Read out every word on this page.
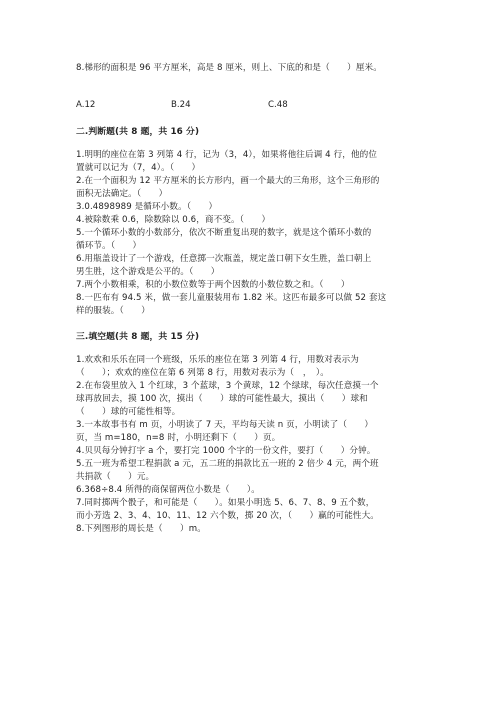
8.梯形的面积是 96 平方厘米，高是 8 厘米，则上、下底的和是（　　）厘米。
A.12	B.24	C.48
二.判断题(共 8 题，共 16 分)
1.明明的座位在第 3 列第 4 行，记为（3，4），如果将他往后调 4 行，他的位
置就可以记为（7，4）。（　　）
2.在一个面积为 12 平方厘米的长方形内，画一个最大的三角形，这个三角形的
面积无法确定。（　　）
3.0.4898989 是循环小数。（　　）
4.被除数乘 0.6，除数除以 0.6，商不变。（　　）
5.一个循环小数的小数部分，依次不断重复出现的数字，就是这个循环小数的
循环节。（　　）
6.用瓶盖设计了一个游戏，任意掷一次瓶盖，规定盖口朝下女生胜，盖口朝上
男生胜，这个游戏是公平的。（　　）
7.两个小数相乘，积的小数位数等于两个因数的小数位数之和。（　　）
8.一匹布有 94.5 米，做一套儿童服装用布 1.82 米。这匹布最多可以做 52 套这
样的服装。（　　）
三.填空题(共 8 题，共 15 分)
1.欢欢和乐乐在同一个班级，乐乐的座位在第 3 列第 4 行，用数对表示为
（　　）；欢欢的座位在第 6 列第 8 行，用数对表示为（　，　）。
2.在布袋里放入 1 个红球，3 个蓝球，3 个黄球，12 个绿球，每次任意摸一个
球再放回去，摸 100 次，摸出（　　）球的可能性最大，摸出（　　）球和
（　　）球的可能性相等。
3.一本故事书有 m 页，小明读了 7 天，平均每天读 n 页，小明读了（　　）
页，当 m=180，n=8 时，小明还剩下（　　）页。
4.贝贝每分钟打字 a 个，要打完 1000 个字的一份文件，要打（　　）分钟。
5.五一班为希望工程捐款 a 元，五二班的捐款比五一班的 2 倍少 4 元，两个班
共捐款（　　）元。
6.368÷8.4 所得的商保留两位小数是（　　）。
7.同时掷两个骰子，和可能是（　　）。如果小明选 5、6、7、8、9 五个数，
而小芳选 2、3、4、10、11、12 六个数，掷 20 次，（　　）赢的可能性大。
8.下列图形的周长是（　　）m。
